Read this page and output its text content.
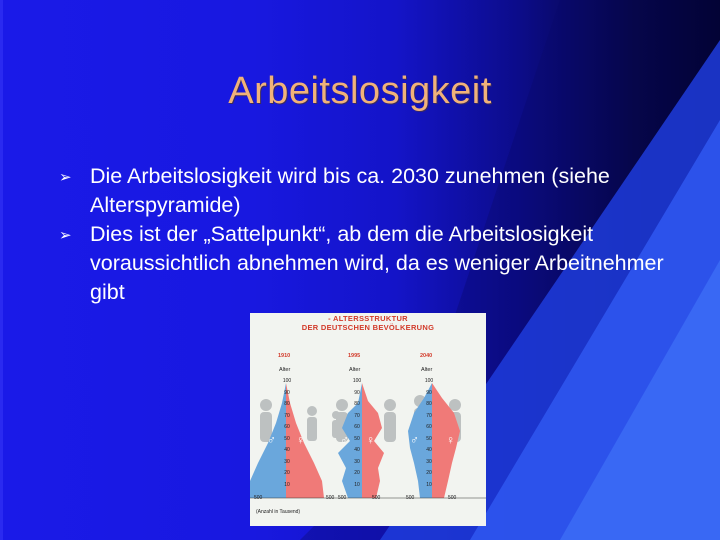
Arbeitslosigkeit
➢ Die Arbeitslosigkeit wird bis ca. 2030 zunehmen (siehe Alterspyramide)
➢ Dies ist der „Sattelpunkt“, ab dem die Arbeitslosigkeit voraussichtlich abnehmen wird, da es weniger Arbeitnehmer gibt
- ALTERSSTRUKTUR
DER DEUTSCHEN BEVÖLKERUNG
1910	1995	2040
Alter	Alter	Alter
100
90
80
70
60
50
40
30
20
10
100
90
80
70
60
50
40
30
20
10
100
90
80
70
60
50
40
30
20
10
500	500 500	500	500	500
(Anzahl in Tausend)
♂ ♀	♂ ♀	♂ ♀
